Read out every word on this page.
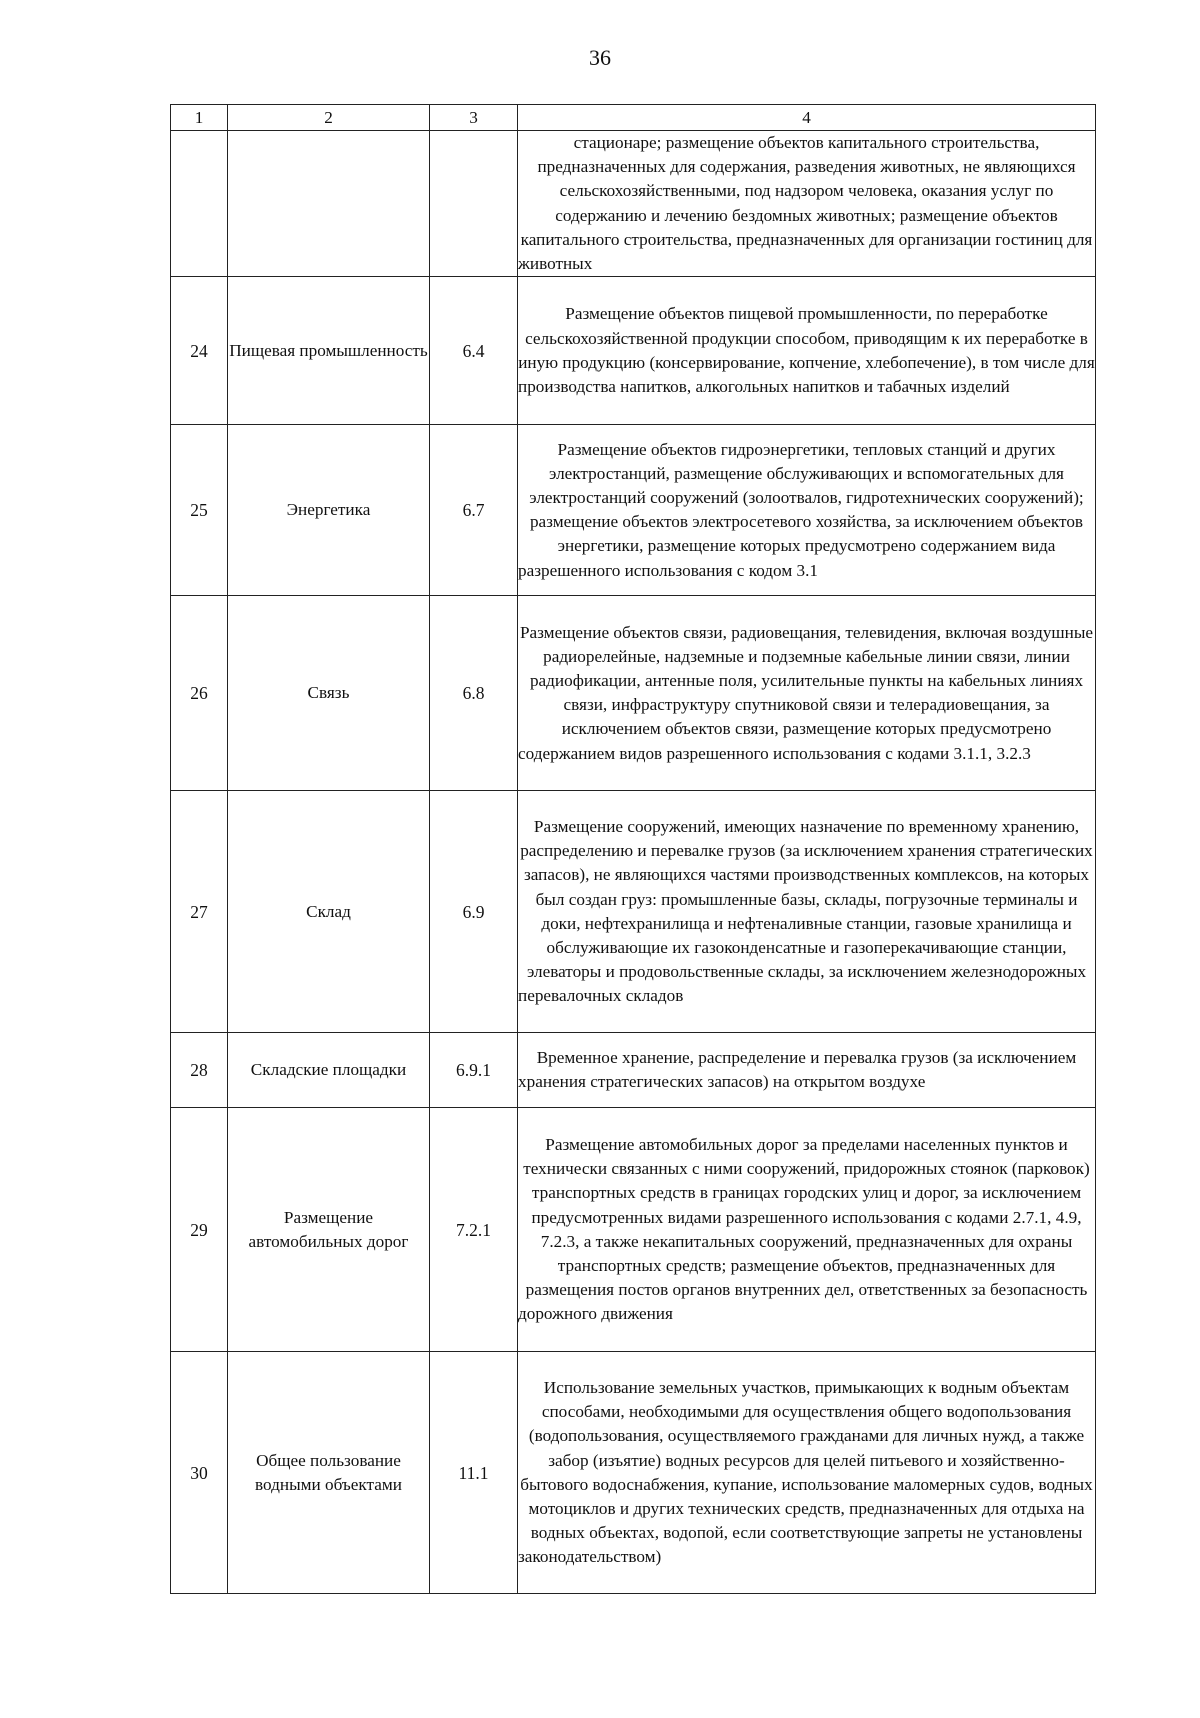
36
1	2	3	4
			стационаре; размещение объектов капитального строительства, предназначенных для содержания, разведения животных, не являющихся сельскохозяйственными, под надзором человека, оказания услуг по содержанию и лечению бездомных животных; размещение объектов капитального строительства, предназначенных для организации гостиниц для животных
24	Пищевая промышленность	6.4	Размещение объектов пищевой промышленности, по переработке сельскохозяйственной продукции способом, приводящим к их переработке в иную продукцию (консервирование, копчение, хлебопечение), в том числе для производства напитков, алкогольных напитков и табачных изделий
25	Энергетика	6.7	Размещение объектов гидроэнергетики, тепловых станций и других электростанций, размещение обслуживающих и вспомогательных для электростанций сооружений (золоотвалов, гидротехнических сооружений); размещение объектов электросетевого хозяйства, за исключением объектов энергетики, размещение которых предусмотрено содержанием вида разрешенного использования с кодом 3.1
26	Связь	6.8	Размещение объектов связи, радиовещания, телевидения, включая воздушные радиорелейные, надземные и подземные кабельные линии связи, линии радиофикации, антенные поля, усилительные пункты на кабельных линиях связи, инфраструктуру спутниковой связи и телерадиовещания, за исключением объектов связи, размещение которых предусмотрено содержанием видов разрешенного использования с кодами 3.1.1, 3.2.3
27	Склад	6.9	Размещение сооружений, имеющих назначение по временному хранению, распределению и перевалке грузов (за исключением хранения стратегических запасов), не являющихся частями производственных комплексов, на которых был создан груз: промышленные базы, склады, погрузочные терминалы и доки, нефтехранилища и нефтеналивные станции, газовые хранилища и обслуживающие их газоконденсатные и газоперекачивающие станции, элеваторы и продовольственные склады, за исключением железнодорожных перевалочных складов
28	Складские площадки	6.9.1	Временное хранение, распределение и перевалка грузов (за исключением хранения стратегических запасов) на открытом воздухе
29	Размещение автомобильных дорог	7.2.1	Размещение автомобильных дорог за пределами населенных пунктов и технически связанных с ними сооружений, придорожных стоянок (парковок) транспортных средств в границах городских улиц и дорог, за исключением предусмотренных видами разрешенного использования с кодами 2.7.1, 4.9, 7.2.3, а также некапитальных сооружений, предназначенных для охраны транспортных средств; размещение объектов, предназначенных для размещения постов органов внутренних дел, ответственных за безопасность дорожного движения
30	Общее пользование водными объектами	11.1	Использование земельных участков, примыкающих к водным объектам способами, необходимыми для осуществления общего водопользования (водопользования, осуществляемого гражданами для личных нужд, а также забор (изъятие) водных ресурсов для целей питьевого и хозяйственно-бытового водоснабжения, купание, использование маломерных судов, водных мотоциклов и других технических средств, предназначенных для отдыха на водных объектах, водопой, если соответствующие запреты не установлены законодательством)
